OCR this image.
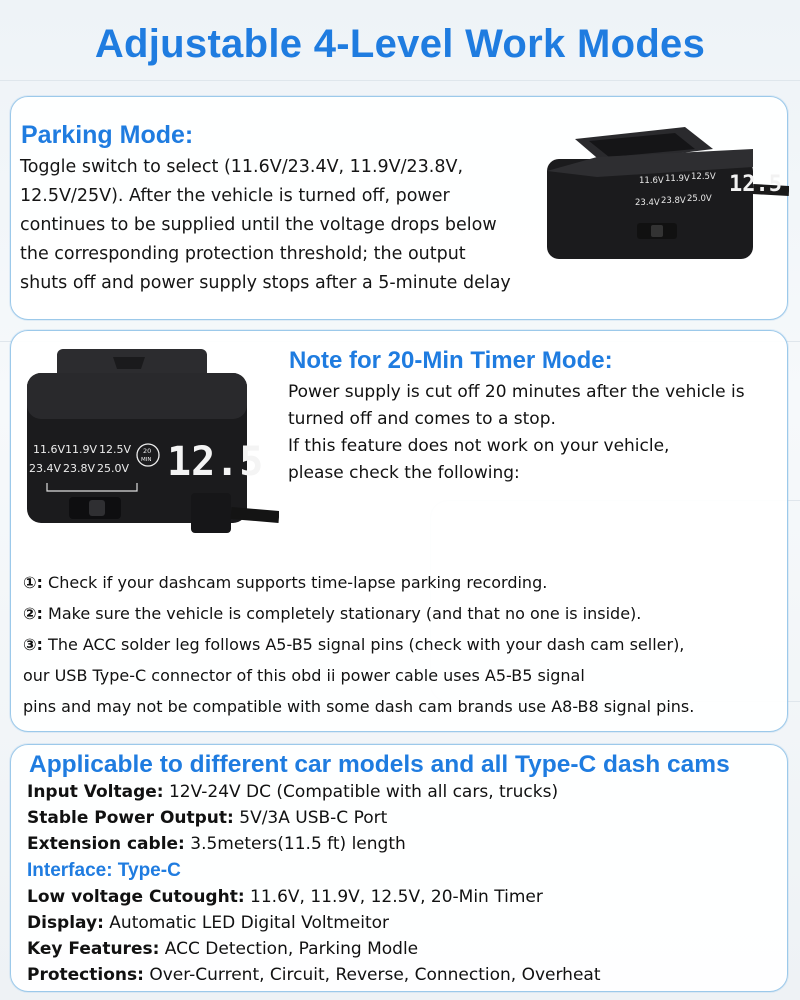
Adjustable 4-Level Work Modes
Parking Mode:
Toggle switch to select (11.6V/23.4V, 11.9V/23.8V,
12.5V/25V). After the vehicle is turned off, power
continues to be supplied until the voltage drops below
the corresponding protection threshold; the output
shuts off and power supply stops after a 5-minute delay
11.6V 11.9V 12.5V
23.4V 23.8V 25.0V
12.5
11.6V 11.9V 12.5V
23.4V 23.8V 25.0V
20
MIN 12.5
Note for 20-Min Timer Mode:
Power supply is cut off 20 minutes after the vehicle is
turned off and comes to a stop.
If this feature does not work on your vehicle,
please check the following:
①: Check if your dashcam supports time-lapse parking recording.
②: Make sure the vehicle is completely stationary (and that no one is inside).
③: The ACC solder leg follows A5-B5 signal pins (check with your dash cam seller),
our USB Type-C connector of this obd ii power cable uses A5-B5 signal
pins and may not be compatible with some dash cam brands use A8-B8 signal pins.
Applicable to different car models and all Type-C dash cams
Input Voltage: 12V-24V DC (Compatible with all cars, trucks)
Stable Power Output: 5V/3A USB-C Port
Extension cable: 3.5meters(11.5 ft) length
Interface: Type-C
Low voltage Cutought: 11.6V, 11.9V, 12.5V, 20-Min Timer
Display: Automatic LED Digital Voltmeitor
Key Features: ACC Detection, Parking Modle
Protections: Over-Current, Circuit, Reverse, Connection, Overheat
